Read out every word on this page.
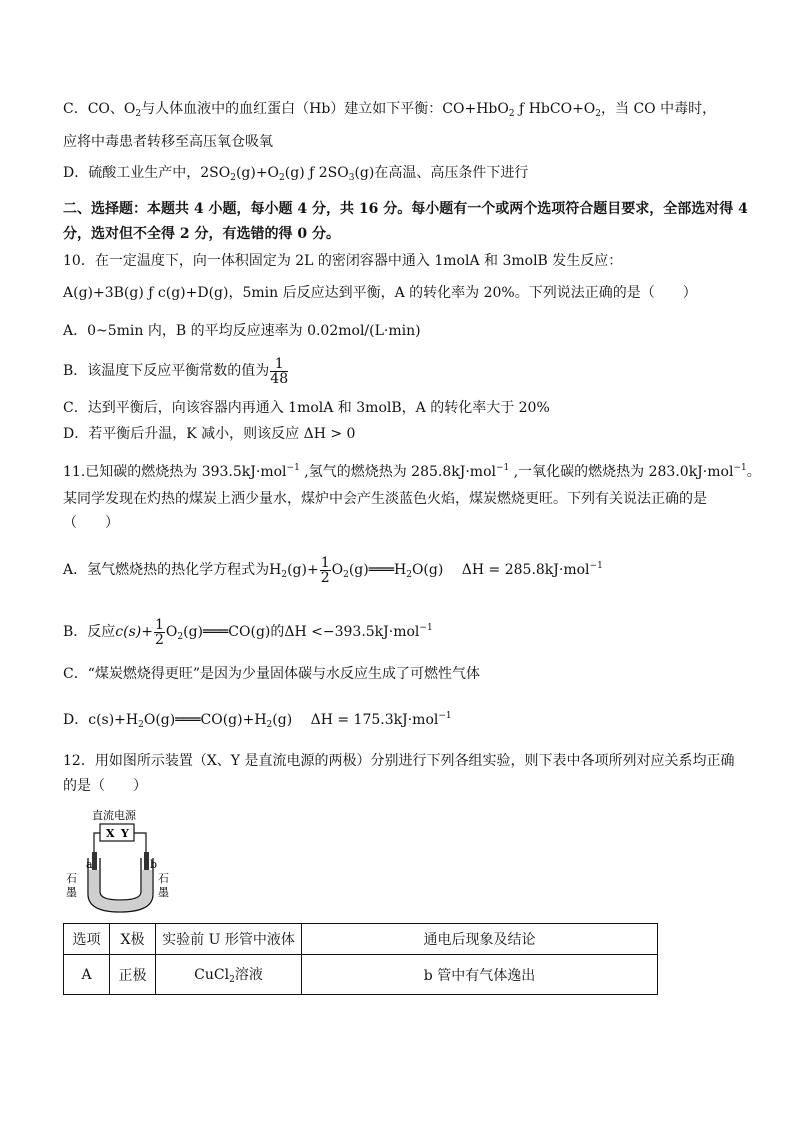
C．CO、$O_2$与人体血液中的血红蛋白（Hb）建立如下平衡：CO+HbO$_2$ ƒ $HbCO+O_2$，当 CO 中毒时，
应将中毒患者转移至高压氧仓吸氧
D．硫酸工业生产中，$2SO_2(g)+O_2(g)$ ƒ $2SO_3(g)$在高温、高压条件下进行
二、选择题：本题共 4 小题，每小题 4 分，共 16 分。每小题有一个或两个选项符合题目要求，全部选对得 4
分，选对但不全得 2 分，有选错的得 0 分。
10．在一定温度下，向一体积固定为 2L 的密闭容器中通入 1molA 和 3molB 发生反应：
A(g)+3B(g) ƒ c(g)+D(g)，5min 后反应达到平衡，A 的转化率为 20%。下列说法正确的是（　　）
A．0~5min 内，B 的平均反应速率为 0.02mol/(L·min)
B．该温度下反应平衡常数的值为 $\frac{1}{48}$
C．达到平衡后，向该容器内再通入 1molA 和 3molB，A 的转化率大于 20%
D．若平衡后升温，K 减小，则该反应 ΔH > 0
11.已知碳的燃烧热为 393.5kJ·mol$^{-1}$ ,氢气的燃烧热为 285.8kJ·mol$^{-1}$ ,一氧化碳的燃烧热为 283.0kJ·mol$^{-1}$。
某同学发现在灼热的煤炭上洒少量水，煤炉中会产生淡蓝色火焰，煤炭燃烧更旺。下列有关说法正确的是
（　　）
A．氢气燃烧热的热化学方程式为$H_2(g)+ \frac{1}{2}$ $O_2(g)═══H_2O(g)$　 ΔH = 285.8kJ·mol$^{-1}$
B．反应$c(s)+ \frac{1}{2}$ $O_2(g)═══CO(g)$的ΔH <−393.5kJ·mol$^{-1}$
C．“煤炭燃烧得更旺”是因为少量固体碳与水反应生成了可燃性气体
D．$c(s)+H_2O(g)═══CO(g)+H_2(g)$　 ΔH = 175.3kJ·mol$^{-1}$
12．用如图所示装置（X、Y 是直流电源的两极）分别进行下列各组实验，则下表中各项所列对应关系均正确
的是（　　）
直流电源
X Y
a	b
石
墨
石
墨
选项	X极	实验前 U 形管中液体	通电后现象及结论
A	正极	CuCl$_2$溶液	b 管中有气体逸出
